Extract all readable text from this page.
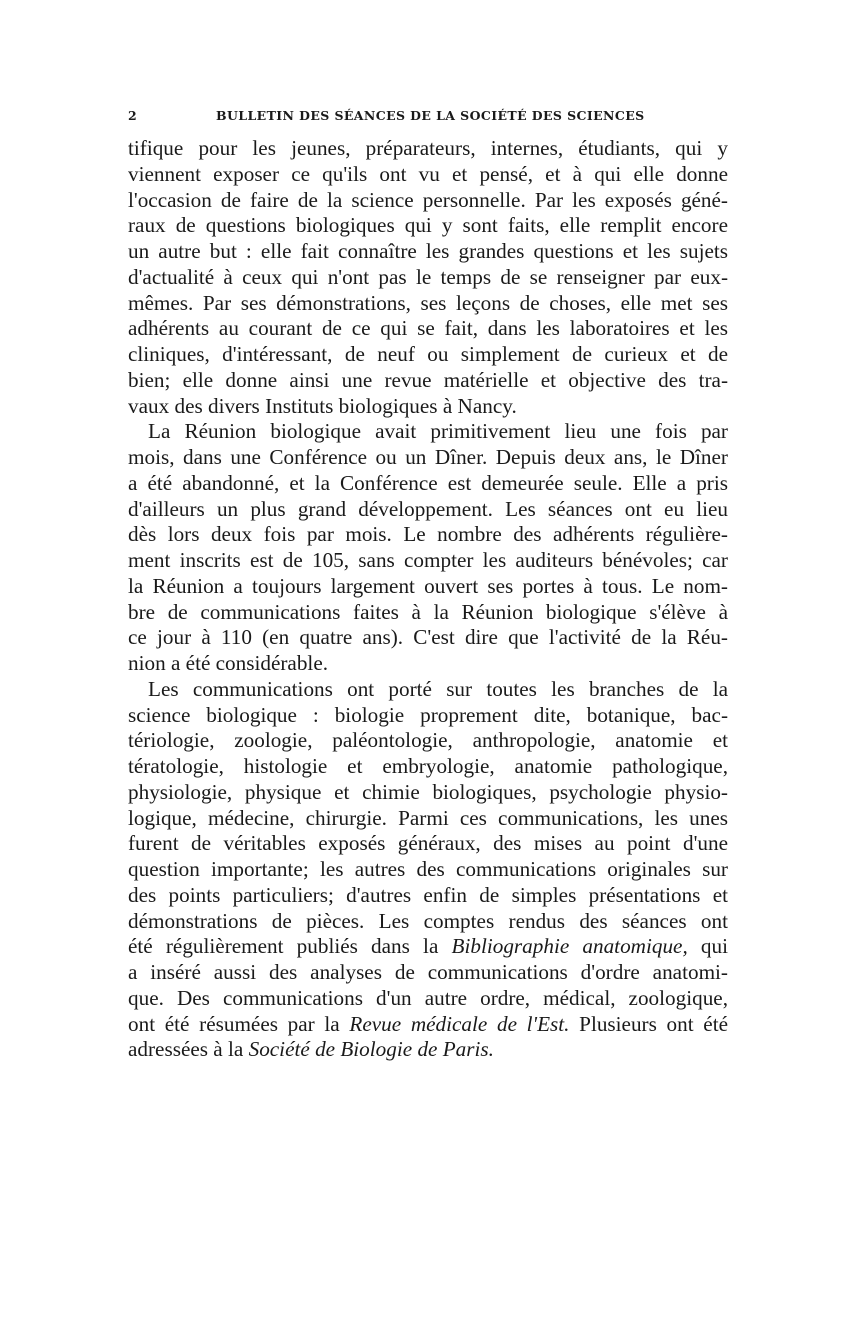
2	BULLETIN DES SÉANCES DE LA SOCIÉTÉ DES SCIENCES
tifique pour les jeunes, préparateurs, internes, étudiants, qui y
viennent exposer ce qu'ils ont vu et pensé, et à qui elle donne
l'occasion de faire de la science personnelle. Par les exposés géné-
raux de questions biologiques qui y sont faits, elle remplit encore
un autre but : elle fait connaître les grandes questions et les sujets
d'actualité à ceux qui n'ont pas le temps de se renseigner par eux-
mêmes. Par ses démonstrations, ses leçons de choses, elle met ses
adhérents au courant de ce qui se fait, dans les laboratoires et les
cliniques, d'intéressant, de neuf ou simplement de curieux et de
bien; elle donne ainsi une revue matérielle et objective des tra-
vaux des divers Instituts biologiques à Nancy.
La Réunion biologique avait primitivement lieu une fois par
mois, dans une Conférence ou un Dîner. Depuis deux ans, le Dîner
a été abandonné, et la Conférence est demeurée seule. Elle a pris
d'ailleurs un plus grand développement. Les séances ont eu lieu
dès lors deux fois par mois. Le nombre des adhérents régulière-
ment inscrits est de 105, sans compter les auditeurs bénévoles; car
la Réunion a toujours largement ouvert ses portes à tous. Le nom-
bre de communications faites à la Réunion biologique s'élève à
ce jour à 110 (en quatre ans). C'est dire que l'activité de la Réu-
nion a été considérable.
Les communications ont porté sur toutes les branches de la
science biologique : biologie proprement dite, botanique, bac-
tériologie, zoologie, paléontologie, anthropologie, anatomie et
tératologie, histologie et embryologie, anatomie pathologique,
physiologie, physique et chimie biologiques, psychologie physio-
logique, médecine, chirurgie. Parmi ces communications, les unes
furent de véritables exposés généraux, des mises au point d'une
question importante; les autres des communications originales sur
des points particuliers; d'autres enfin de simples présentations et
démonstrations de pièces. Les comptes rendus des séances ont
été régulièrement publiés dans la Bibliographie anatomique, qui
a inséré aussi des analyses de communications d'ordre anatomi-
que. Des communications d'un autre ordre, médical, zoologique,
ont été résumées par la Revue médicale de l'Est. Plusieurs ont été
adressées à la Société de Biologie de Paris.
